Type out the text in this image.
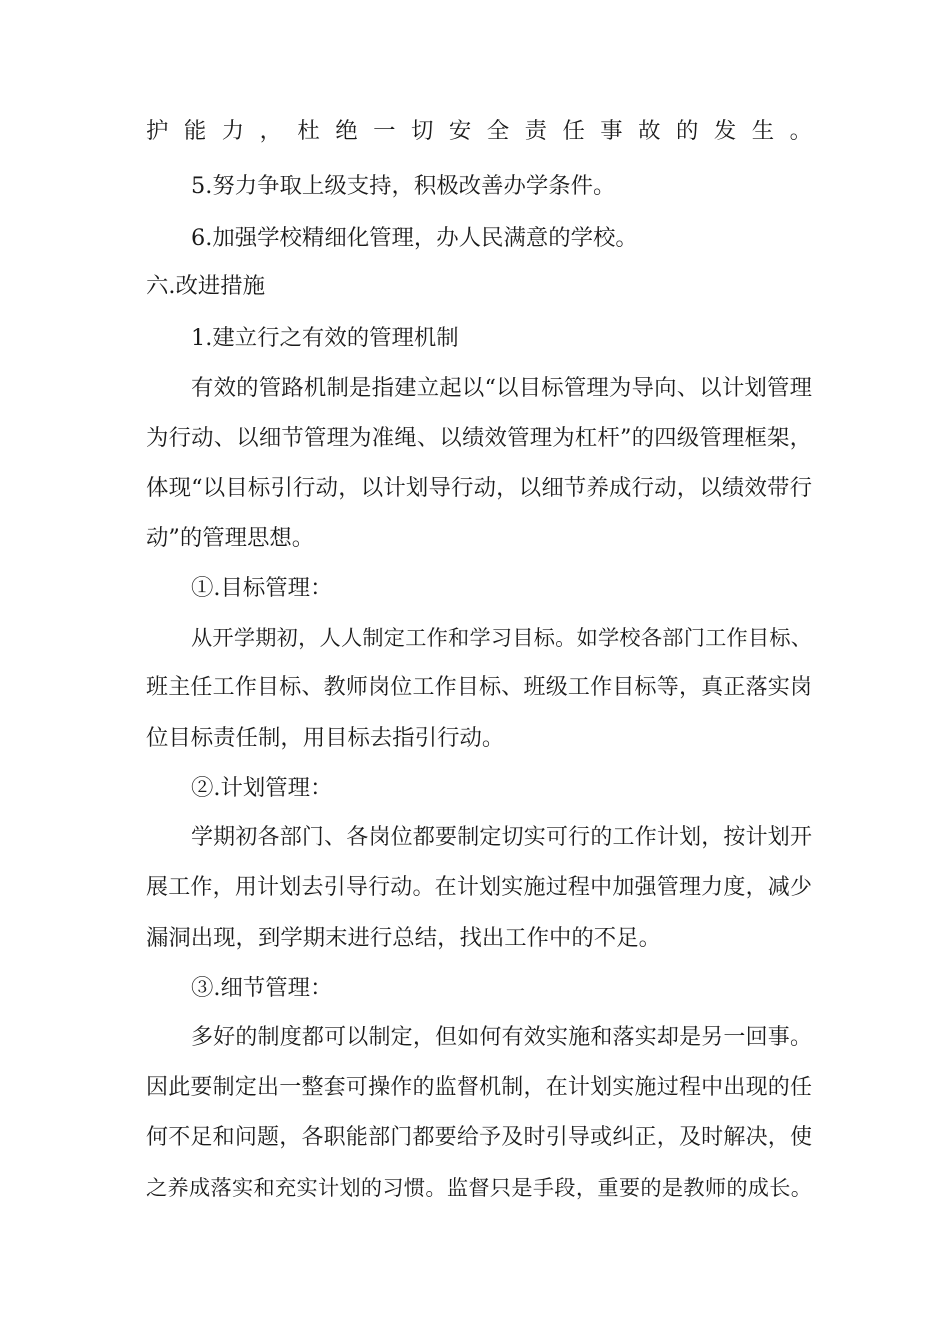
护能力，杜绝一切安全责任事故的发生。
5.努力争取上级支持，积极改善办学条件。
6.加强学校精细化管理，办人民满意的学校。
六.改进措施
1.建立行之有效的管理机制
有效的管路机制是指建立起以“以目标管理为导向、以计划管理
为行动、以细节管理为准绳、以绩效管理为杠杆”的四级管理框架，
体现“以目标引行动，以计划导行动，以细节养成行动，以绩效带行
动”的管理思想。
①.目标管理：
从开学期初，人人制定工作和学习目标。如学校各部门工作目标、
班主任工作目标、教师岗位工作目标、班级工作目标等，真正落实岗
位目标责任制，用目标去指引行动。
②.计划管理：
学期初各部门、各岗位都要制定切实可行的工作计划，按计划开
展工作，用计划去引导行动。在计划实施过程中加强管理力度，减少
漏洞出现，到学期末进行总结，找出工作中的不足。
③.细节管理：
多好的制度都可以制定，但如何有效实施和落实却是另一回事。
因此要制定出一整套可操作的监督机制，在计划实施过程中出现的任
何不足和问题，各职能部门都要给予及时引导或纠正，及时解决，使
之养成落实和充实计划的习惯。监督只是手段，重要的是教师的成长。
